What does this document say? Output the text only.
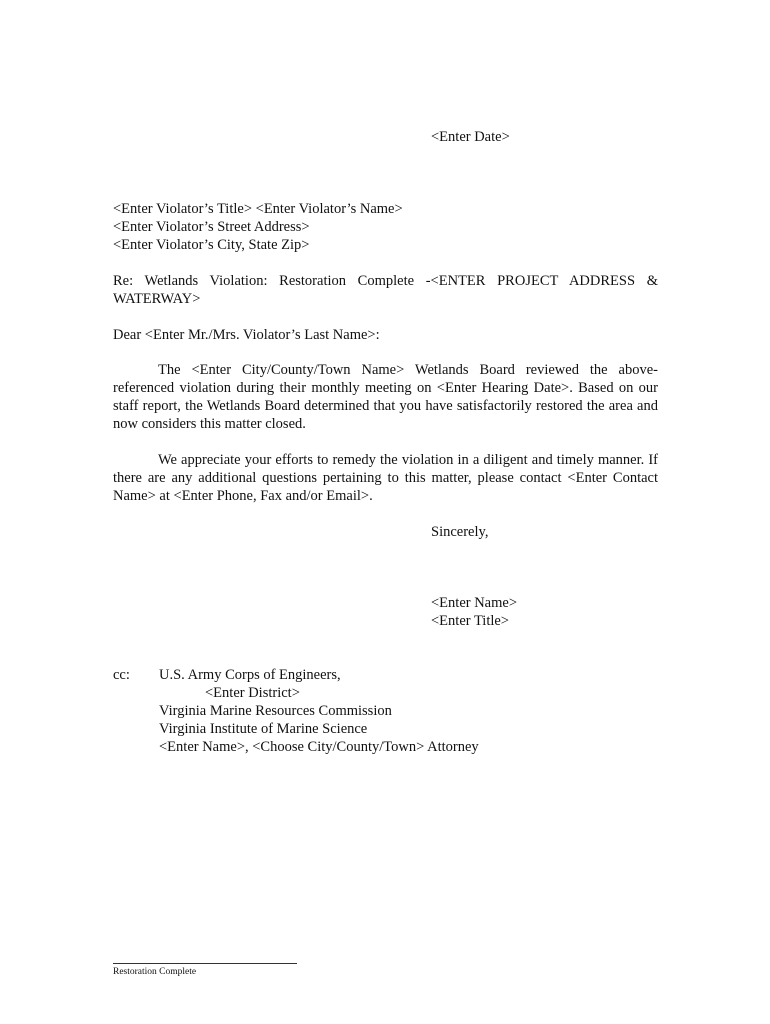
<Enter Date>
<Enter Violator’s Title> <Enter Violator’s Name>
<Enter Violator’s Street Address>
<Enter Violator’s City, State Zip>
Re: Wetlands Violation: Restoration Complete -<ENTER PROJECT ADDRESS &
WATERWAY>
Dear <Enter Mr./Mrs. Violator’s Last Name>:
The <Enter City/County/Town Name> Wetlands Board reviewed the above-referenced violation during their monthly meeting on <Enter Hearing Date>. Based on our staff report, the Wetlands Board determined that you have satisfactorily restored the area and now considers this matter closed.
We appreciate your efforts to remedy the violation in a diligent and timely manner. If there are any additional questions pertaining to this matter, please contact <Enter Contact Name> at <Enter Phone, Fax and/or Email>.
Sincerely,
<Enter Name>
<Enter Title>
cc: U.S. Army Corps of Engineers,
<Enter District>
Virginia Marine Resources Commission
Virginia Institute of Marine Science
<Enter Name>, <Choose City/County/Town> Attorney
Restoration Complete
